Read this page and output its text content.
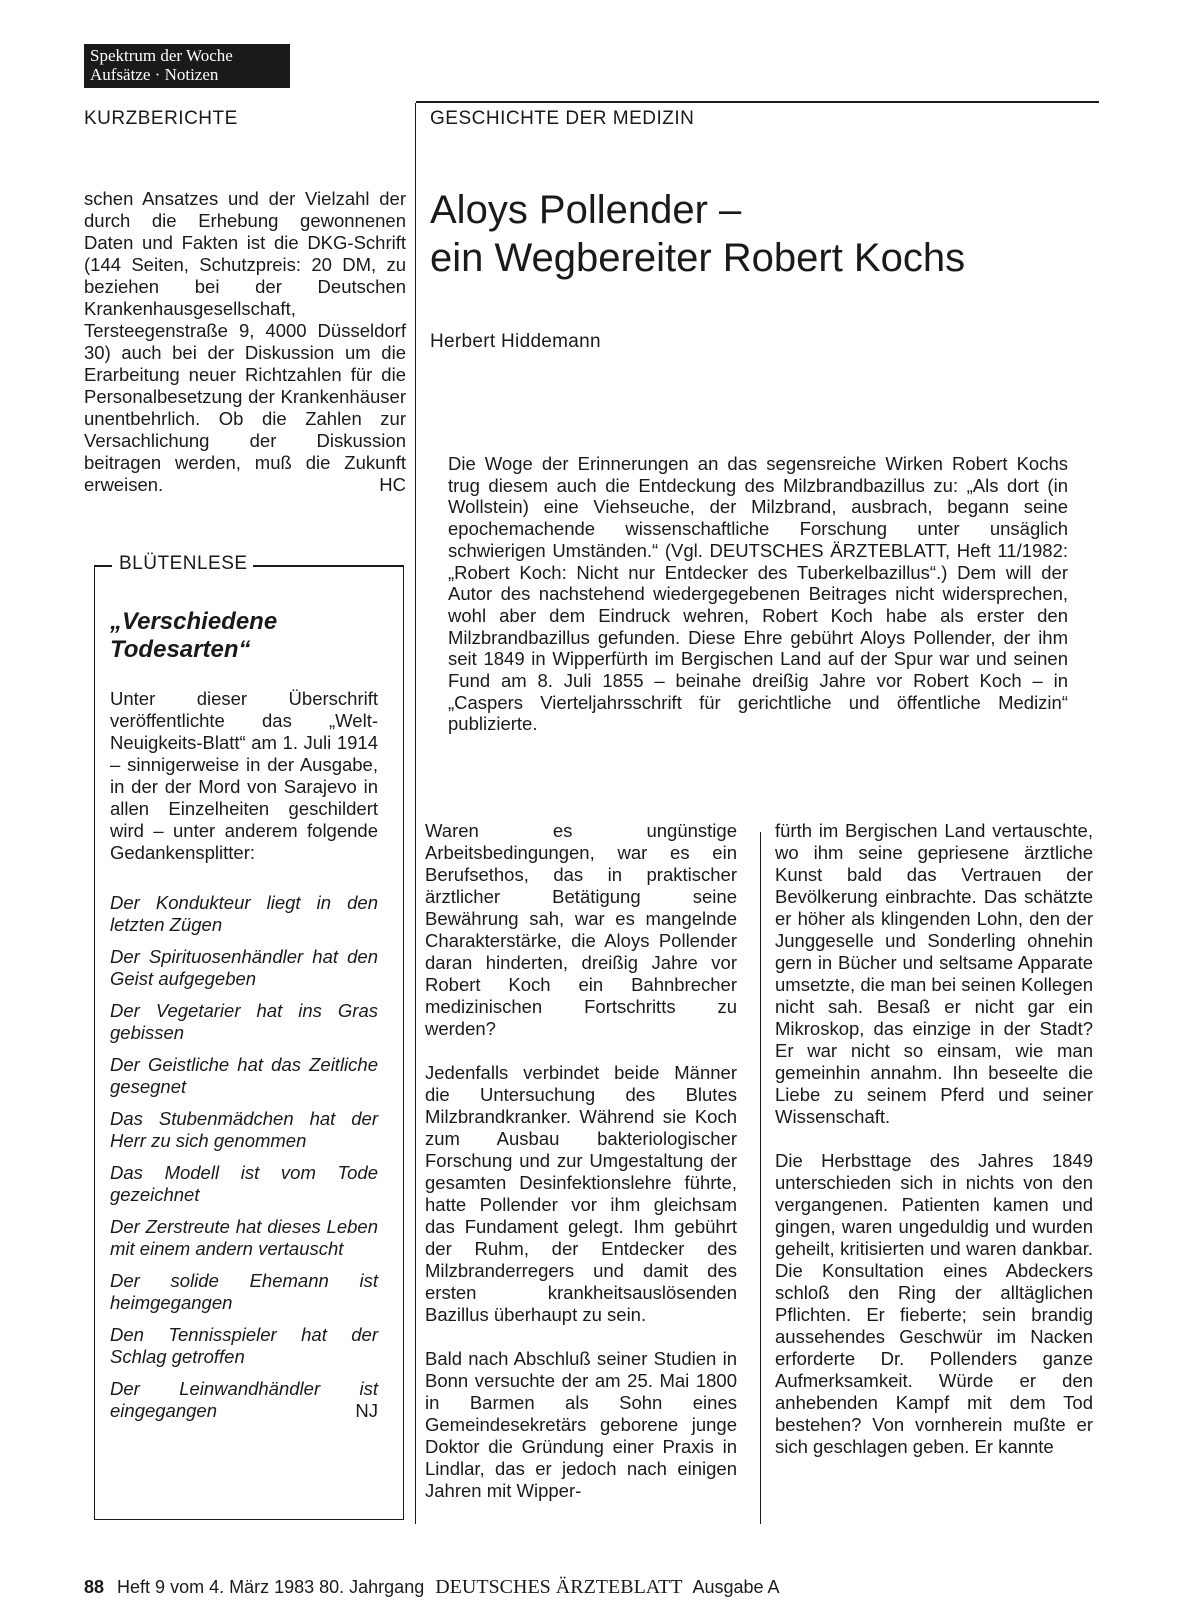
Spektrum der Woche
Aufsätze · Notizen
KURZBERICHTE	GESCHICHTE DER MEDIZIN

schen Ansatzes und der Vielzahl der durch die Erhebung gewonnenen Daten und Fakten ist die DKG-Schrift (144 Seiten, Schutzpreis: 20 DM, zu beziehen bei der Deutschen Krankenhausgesellschaft, Tersteegenstraße 9, 4000 Düsseldorf 30) auch bei der Diskussion um die Erarbeitung neuer Richtzahlen für die Personalbesetzung der Krankenhäuser unentbehrlich. Ob die Zahlen zur Versachlichung der Diskussion beitragen werden, muß die Zukunft erweisen.	HC

BLÜTENLESE
„Verschiedene Todesarten“

Unter dieser Überschrift veröffentlichte das „Welt-Neuigkeits-Blatt“ am 1. Juli 1914 – sinnigerweise in der Ausgabe, in der der Mord von Sarajevo in allen Einzelheiten geschildert wird – unter anderem folgende Gedankensplitter:

Der Kondukteur liegt in den letzten Zügen

Der Spirituosenhändler hat den Geist aufgegeben

Der Vegetarier hat ins Gras gebissen

Der Geistliche hat das Zeitliche gesegnet

Das Stubenmädchen hat der Herr zu sich genommen

Das Modell ist vom Tode gezeichnet

Der Zerstreute hat dieses Leben mit einem andern vertauscht

Der solide Ehemann ist heimgegangen

Den Tennisspieler hat der Schlag getroffen

Der Leinwandhändler ist eingegangen	NJ

Aloys Pollender –
ein Wegbereiter Robert Kochs
Herbert Hiddemann

Die Woge der Erinnerungen an das segensreiche Wirken Robert Kochs trug diesem auch die Entdeckung des Milzbrandbazillus zu: „Als dort (in Wollstein) eine Viehseuche, der Milzbrand, ausbrach, begann seine epochemachende wissenschaftliche Forschung unter unsäglich schwierigen Umständen.“ (Vgl. DEUTSCHES ÄRZTEBLATT, Heft 11/1982: „Robert Koch: Nicht nur Entdecker des Tuberkelbazillus“.) Dem will der Autor des nachstehend wiedergegebenen Beitrages nicht widersprechen, wohl aber dem Eindruck wehren, Robert Koch habe als erster den Milzbrandbazillus gefunden. Diese Ehre gebührt Aloys Pollender, der ihm seit 1849 in Wipperfürth im Bergischen Land auf der Spur war und seinen Fund am 8. Juli 1855 – beinahe dreißig Jahre vor Robert Koch – in „Caspers Vierteljahrsschrift für gerichtliche und öffentliche Medizin“ publizierte.

Waren es ungünstige Arbeitsbedingungen, war es ein Berufsethos, das in praktischer ärztlicher Betätigung seine Bewährung sah, war es mangelnde Charakterstärke, die Aloys Pollender daran hinderten, dreißig Jahre vor Robert Koch ein Bahnbrecher medizinischen Fortschritts zu werden?

Jedenfalls verbindet beide Männer die Untersuchung des Blutes Milzbrandkranker. Während sie Koch zum Ausbau bakteriologischer Forschung und zur Umgestaltung der gesamten Desinfektionslehre führte, hatte Pollender vor ihm gleichsam das Fundament gelegt. Ihm gebührt der Ruhm, der Entdecker des Milzbranderregers und damit des ersten krankheitsauslösenden Bazillus überhaupt zu sein.

Bald nach Abschluß seiner Studien in Bonn versuchte der am 25. Mai 1800 in Barmen als Sohn eines Gemeindesekretärs geborene junge Doktor die Gründung einer Praxis in Lindlar, das er jedoch nach einigen Jahren mit Wipper-

fürth im Bergischen Land vertauschte, wo ihm seine gepriesene ärztliche Kunst bald das Vertrauen der Bevölkerung einbrachte. Das schätzte er höher als klingenden Lohn, den der Junggeselle und Sonderling ohnehin gern in Bücher und seltsame Apparate umsetzte, die man bei seinen Kollegen nicht sah. Besaß er nicht gar ein Mikroskop, das einzige in der Stadt? Er war nicht so einsam, wie man gemeinhin annahm. Ihn beseelte die Liebe zu seinem Pferd und seiner Wissenschaft.

Die Herbsttage des Jahres 1849 unterschieden sich in nichts von den vergangenen. Patienten kamen und gingen, waren ungeduldig und wurden geheilt, kritisierten und waren dankbar. Die Konsultation eines Abdeckers schloß den Ring der alltäglichen Pflichten. Er fieberte; sein brandig aussehendes Geschwür im Nacken erforderte Dr. Pollenders ganze Aufmerksamkeit. Würde er den anhebenden Kampf mit dem Tod bestehen? Von vornherein mußte er sich geschlagen geben. Er kannte

88 Heft 9 vom 4. März 1983 80. Jahrgang DEUTSCHES ÄRZTEBLATT Ausgabe A
